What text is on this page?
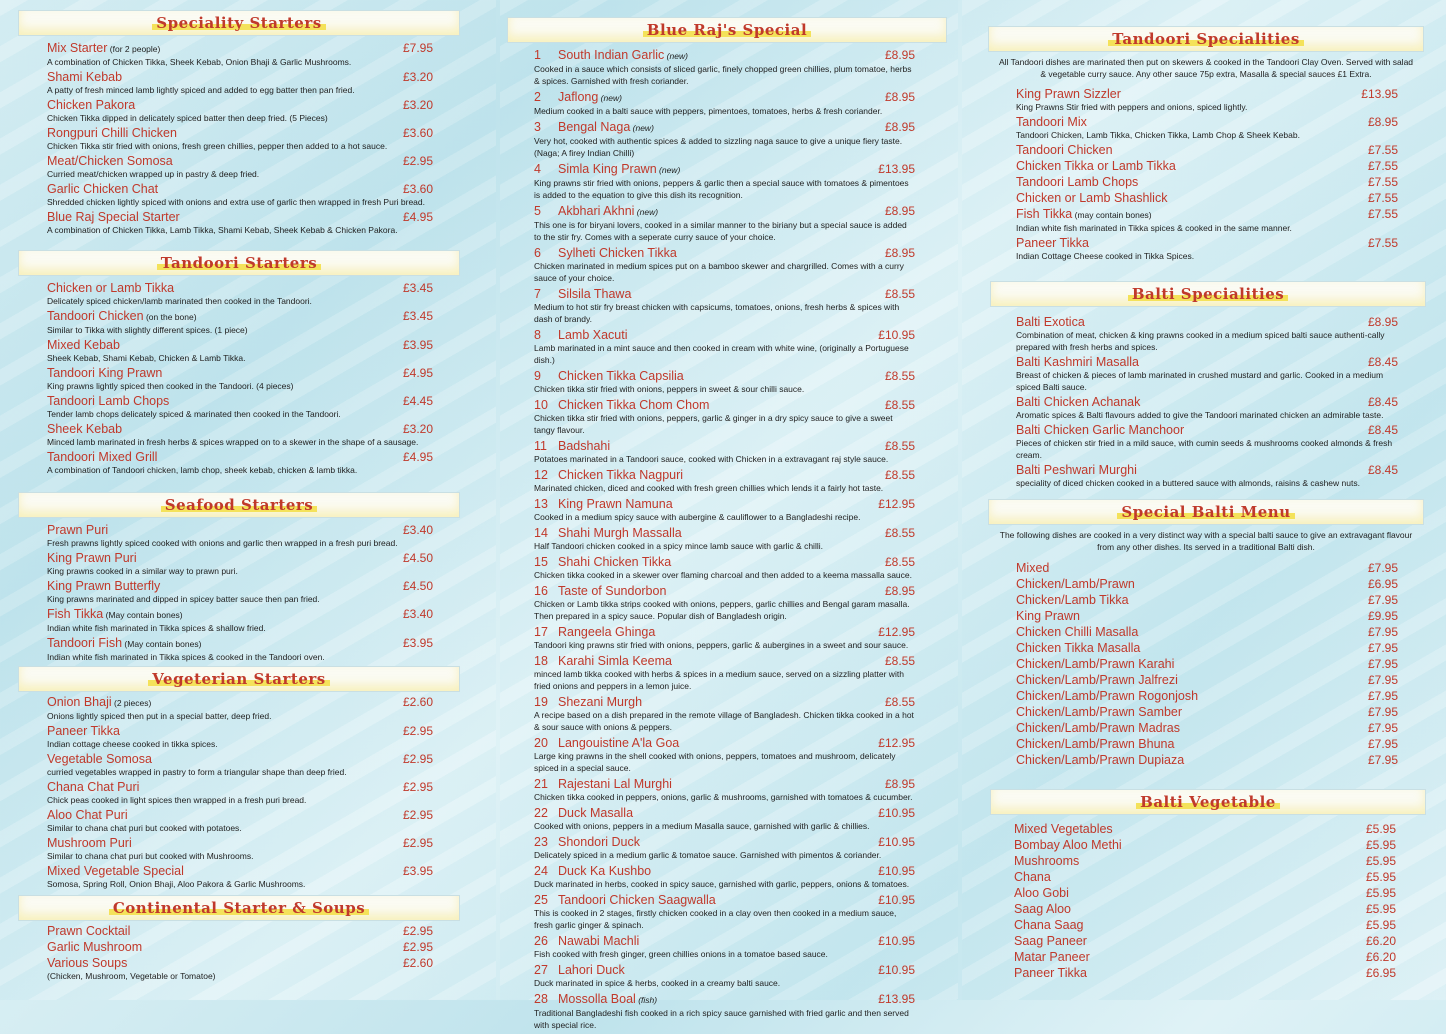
Speciality Starters
Mix Starter (for 2 people)	£7.95
A combination of Chicken Tikka, Sheek Kebab, Onion Bhaji & Garlic Mushrooms.
Shami Kebab	£3.20
A patty of fresh minced lamb lightly spiced and added to egg batter then pan fried.
Chicken Pakora	£3.20
Chicken Tikka dipped in delicately spiced batter then deep fried. (5 Pieces)
Rongpuri Chilli Chicken	£3.60
Chicken Tikka stir fried with onions, fresh green chillies, pepper then added to a hot sauce.
Meat/Chicken Somosa	£2.95
Curried meat/chicken wrapped up in pastry & deep fried.
Garlic Chicken Chat	£3.60
Shredded chicken lightly spiced with onions and extra use of garlic then wrapped in fresh Puri bread.
Blue Raj Special Starter	£4.95
A combination of Chicken Tikka, Lamb Tikka, Shami Kebab, Sheek Kebab & Chicken Pakora.
Tandoori Starters
Chicken or Lamb Tikka	£3.45
Delicately spiced chicken/lamb marinated then cooked in the Tandoori.
Tandoori Chicken (on the bone)	£3.45
Similar to Tikka with slightly different spices. (1 piece)
Mixed Kebab	£3.95
Sheek Kebab, Shami Kebab, Chicken & Lamb Tikka.
Tandoori King Prawn	£4.95
King prawns lightly spiced then cooked in the Tandoori. (4 pieces)
Tandoori Lamb Chops	£4.45
Tender lamb chops delicately spiced & marinated then cooked in the Tandoori.
Sheek Kebab	£3.20
Minced lamb marinated in fresh herbs & spices wrapped on to a skewer in the shape of a sausage.
Tandoori Mixed Grill	£4.95
A combination of Tandoori chicken, lamb chop, sheek kebab, chicken & lamb tikka.
Seafood Starters
Prawn Puri	£3.40
Fresh prawns lightly spiced cooked with onions and garlic then wrapped in a fresh puri bread.
King Prawn Puri	£4.50
King prawns cooked in a similar way to prawn puri.
King Prawn Butterfly	£4.50
King prawns marinated and dipped in spicey batter sauce then pan fried.
Fish Tikka (May contain bones)	£3.40
Indian white fish marinated in Tikka spices & shallow fried.
Tandoori Fish (May contain bones)	£3.95
Indian white fish marinated in Tikka spices & cooked in the Tandoori oven.
Vegeterian Starters
Onion Bhaji (2 pieces)	£2.60
Onions lightly spiced then put in a special batter, deep fried.
Paneer Tikka	£2.95
Indian cottage cheese cooked in tikka spices.
Vegetable Somosa	£2.95
curried vegetables wrapped in pastry to form a triangular shape than deep fried.
Chana Chat Puri	£2.95
Chick peas cooked in light spices then wrapped in a fresh puri bread.
Aloo Chat Puri	£2.95
Similar to chana chat puri but cooked with potatoes.
Mushroom Puri	£2.95
Similar to chana chat puri but cooked with Mushrooms.
Mixed Vegetable Special	£3.95
Somosa, Spring Roll, Onion Bhaji, Aloo Pakora & Garlic Mushrooms.
Continental Starter & Soups
Prawn Cocktail	£2.95
Garlic Mushroom	£2.95
Various Soups	£2.60
(Chicken, Mushroom, Vegetable or Tomatoe)
Blue Raj's Special
1 South Indian Garlic (new)	£8.95
Cooked in a sauce which consists of sliced garlic, finely chopped green chillies, plum tomatoe, herbs & spices. Garnished with fresh coriander.
2 Jaflong (new)	£8.95
Medium cooked in a balti sauce with peppers, pimentoes, tomatoes, herbs & fresh coriander.
3 Bengal Naga (new)	£8.95
Very hot, cooked with authentic spices & added to sizzling naga sauce to give a unique fiery taste. (Naga; A firey Indian Chilli)
4 Simla King Prawn (new)	£13.95
King prawns stir fried with onions, peppers & garlic then a special sauce with tomatoes & pimentoes is added to the equation to give this dish its recognition.
5 Akbhari Akhni (new)	£8.95
This one is for biryani lovers, cooked in a similar manner to the biriany but a special sauce is added to the stir fry. Comes with a seperate curry sauce of your choice.
6 Sylheti Chicken Tikka	£8.95
Chicken marinated in medium spices put on a bamboo skewer and chargrilled. Comes with a curry sauce of your choice.
7 Silsila Thawa	£8.55
Medium to hot stir fry breast chicken with capsicums, tomatoes, onions, fresh herbs & spices with dash of brandy.
8 Lamb Xacuti	£10.95
Lamb marinated in a mint sauce and then cooked in cream with white wine, (originally a Portuguese dish.)
9 Chicken Tikka Capsilia	£8.55
Chicken tikka stir fried with onions, peppers in sweet & sour chilli sauce.
10 Chicken Tikka Chom Chom	£8.55
Chicken tikka stir fried with onions, peppers, garlic & ginger in a dry spicy sauce to give a sweet tangy flavour.
11 Badshahi	£8.55
Potatoes marinated in a Tandoori sauce, cooked with Chicken in a extravagant raj style sauce.
12 Chicken Tikka Nagpuri	£8.55
Marinated chicken, diced and cooked with fresh green chillies which lends it a fairly hot taste.
13 King Prawn Namuna	£12.95
Cooked in a medium spicy sauce with aubergine & cauliflower to a Bangladeshi recipe.
14 Shahi Murgh Massalla	£8.55
Half Tandoori chicken cooked in a spicy mince lamb sauce with garlic & chilli.
15 Shahi Chicken Tikka	£8.55
Chicken tikka cooked in a skewer over flaming charcoal and then added to a keema massalla sauce.
16 Taste of Sundorbon	£8.95
Chicken or Lamb tikka strips cooked with onions, peppers, garlic chillies and Bengal garam masalla. Then prepared in a spicy sauce. Popular dish of Bangladesh origin.
17 Rangeela Ghinga	£12.95
Tandoori king prawns stir fried with onions, peppers, garlic & aubergines in a sweet and sour sauce.
18 Karahi Simla Keema	£8.55
minced lamb tikka cooked with herbs & spices in a medium sauce, served on a sizzling platter with fried onions and peppers in a lemon juice.
19 Shezani Murgh	£8.55
A recipe based on a dish prepared in the remote village of Bangladesh. Chicken tikka cooked in a hot & sour sauce with onions & peppers.
20 Langouistine A'la Goa	£12.95
Large king prawns in the shell cooked with onions, peppers, tomatoes and mushroom, delicately spiced in a special sauce.
21 Rajestani Lal Murghi	£8.95
Chicken tikka cooked in peppers, onions, garlic & mushrooms, garnished with tomatoes & cucumber.
22 Duck Masalla	£10.95
Cooked with onions, peppers in a medium Masalla sauce, garnished with garlic & chillies.
23 Shondori Duck	£10.95
Delicately spiced in a medium garlic & tomatoe sauce. Garnished with pimentos & coriander.
24 Duck Ka Kushbo	£10.95
Duck marinated in herbs, cooked in spicy sauce, garnished with garlic, peppers, onions & tomatoes.
25 Tandoori Chicken Saagwalla	£10.95
This is cooked in 2 stages, firstly chicken cooked in a clay oven then cooked in a medium sauce, fresh garlic ginger & spinach.
26 Nawabi Machli	£10.95
Fish cooked with fresh ginger, green chillies onions in a tomatoe based sauce.
27 Lahori Duck	£10.95
Duck marinated in spice & herbs, cooked in a creamy balti sauce.
28 Mossolla Boal (fish)	£13.95
Traditional Bangladeshi fish cooked in a rich spicy sauce garnished with fried garlic and then served with special rice.
Tandoori Specialities
All Tandoori dishes are marinated then put on skewers & cooked in the Tandoori Clay Oven. Served with salad & vegetable curry sauce. Any other sauce 75p extra, Masalla & special sauces £1 Extra.
King Prawn Sizzler	£13.95
King Prawns Stir fried with peppers and onions, spiced lightly.
Tandoori Mix	£8.95
Tandoori Chicken, Lamb Tikka, Chicken Tikka, Lamb Chop & Sheek Kebab.
Tandoori Chicken	£7.55
Chicken Tikka or Lamb Tikka	£7.55
Tandoori Lamb Chops	£7.55
Chicken or Lamb Shashlick	£7.55
Fish Tikka (may contain bones)	£7.55
Indian white fish marinated in Tikka spices & cooked in the same manner.
Paneer Tikka	£7.55
Indian Cottage Cheese cooked in Tikka Spices.
Balti Specialities
Balti Exotica	£8.95
Combination of meat, chicken & king prawns cooked in a medium spiced balti sauce authenti-cally prepared with fresh herbs and spices.
Balti Kashmiri Masalla	£8.45
Breast of chicken & pieces of lamb marinated in crushed mustard and garlic. Cooked in a medium spiced Balti sauce.
Balti Chicken Achanak	£8.45
Aromatic spices & Balti flavours added to give the Tandoori marinated chicken an admirable taste.
Balti Chicken Garlic Manchoor	£8.45
Pieces of chicken stir fried in a mild sauce, with cumin seeds & mushrooms cooked almonds & fresh cream.
Balti Peshwari Murghi	£8.45
speciality of diced chicken cooked in a buttered sauce with almonds, raisins & cashew nuts.
Special Balti Menu
The following dishes are cooked in a very distinct way with a special balti sauce to give an extravagant flavour from any other dishes. Its served in a traditional Balti dish.
Mixed	£7.95
Chicken/Lamb/Prawn	£6.95
Chicken/Lamb Tikka	£7.95
King Prawn	£9.95
Chicken Chilli Masalla	£7.95
Chicken Tikka Masalla	£7.95
Chicken/Lamb/Prawn Karahi	£7.95
Chicken/Lamb/Prawn Jalfrezi	£7.95
Chicken/Lamb/Prawn Rogonjosh	£7.95
Chicken/Lamb/Prawn Samber	£7.95
Chicken/Lamb/Prawn Madras	£7.95
Chicken/Lamb/Prawn Bhuna	£7.95
Chicken/Lamb/Prawn Dupiaza	£7.95
Balti Vegetable
Mixed Vegetables	£5.95
Bombay Aloo Methi	£5.95
Mushrooms	£5.95
Chana	£5.95
Aloo Gobi	£5.95
Saag Aloo	£5.95
Chana Saag	£5.95
Saag Paneer	£6.20
Matar Paneer	£6.20
Paneer Tikka	£6.95
